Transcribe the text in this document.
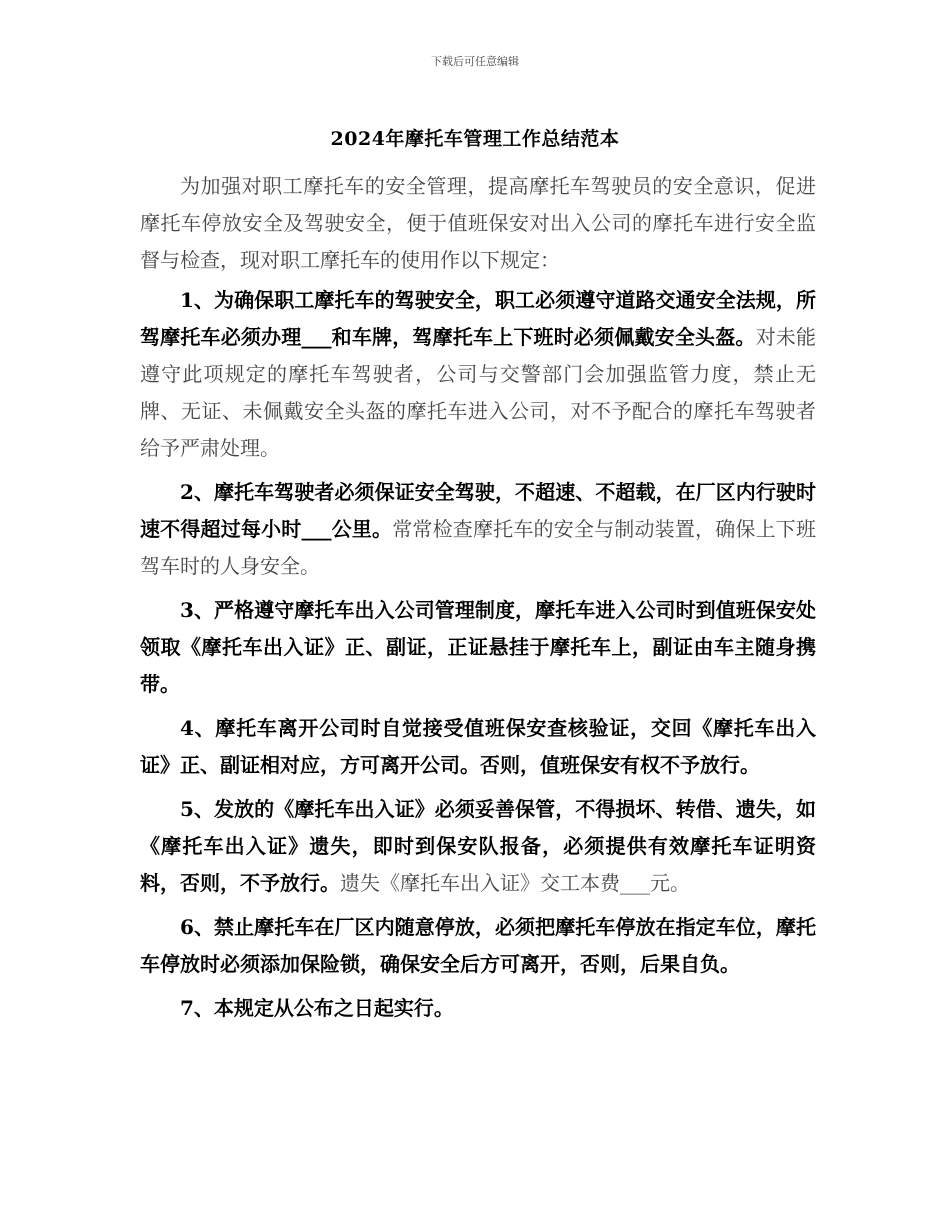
下载后可任意编辑
2024年摩托车管理工作总结范本

为加强对职工摩托车的安全管理，提高摩托车驾驶员的安全意识，促进摩托车停放安全及驾驶安全，便于值班保安对出入公司的摩托车进行安全监督与检查，现对职工摩托车的使用作以下规定：

1、为确保职工摩托车的驾驶安全，职工必须遵守道路交通安全法规，所驾摩托车必须办理___和车牌，驾摩托车上下班时必须佩戴安全头盔。对未能遵守此项规定的摩托车驾驶者，公司与交警部门会加强监管力度，禁止无牌、无证、未佩戴安全头盔的摩托车进入公司，对不予配合的摩托车驾驶者给予严肃处理。

2、摩托车驾驶者必须保证安全驾驶，不超速、不超载，在厂区内行驶时速不得超过每小时___公里。常常检查摩托车的安全与制动装置，确保上下班驾车时的人身安全。

3、严格遵守摩托车出入公司管理制度，摩托车进入公司时到值班保安处领取《摩托车出入证》正、副证，正证悬挂于摩托车上，副证由车主随身携带。

4、摩托车离开公司时自觉接受值班保安查核验证，交回《摩托车出入证》正、副证相对应，方可离开公司。否则，值班保安有权不予放行。

5、发放的《摩托车出入证》必须妥善保管，不得损坏、转借、遗失，如《摩托车出入证》遗失，即时到保安队报备，必须提供有效摩托车证明资料，否则，不予放行。遗失《摩托车出入证》交工本费___元。

6、禁止摩托车在厂区内随意停放，必须把摩托车停放在指定车位，摩托车停放时必须添加保险锁，确保安全后方可离开，否则，后果自负。

7、本规定从公布之日起实行。
